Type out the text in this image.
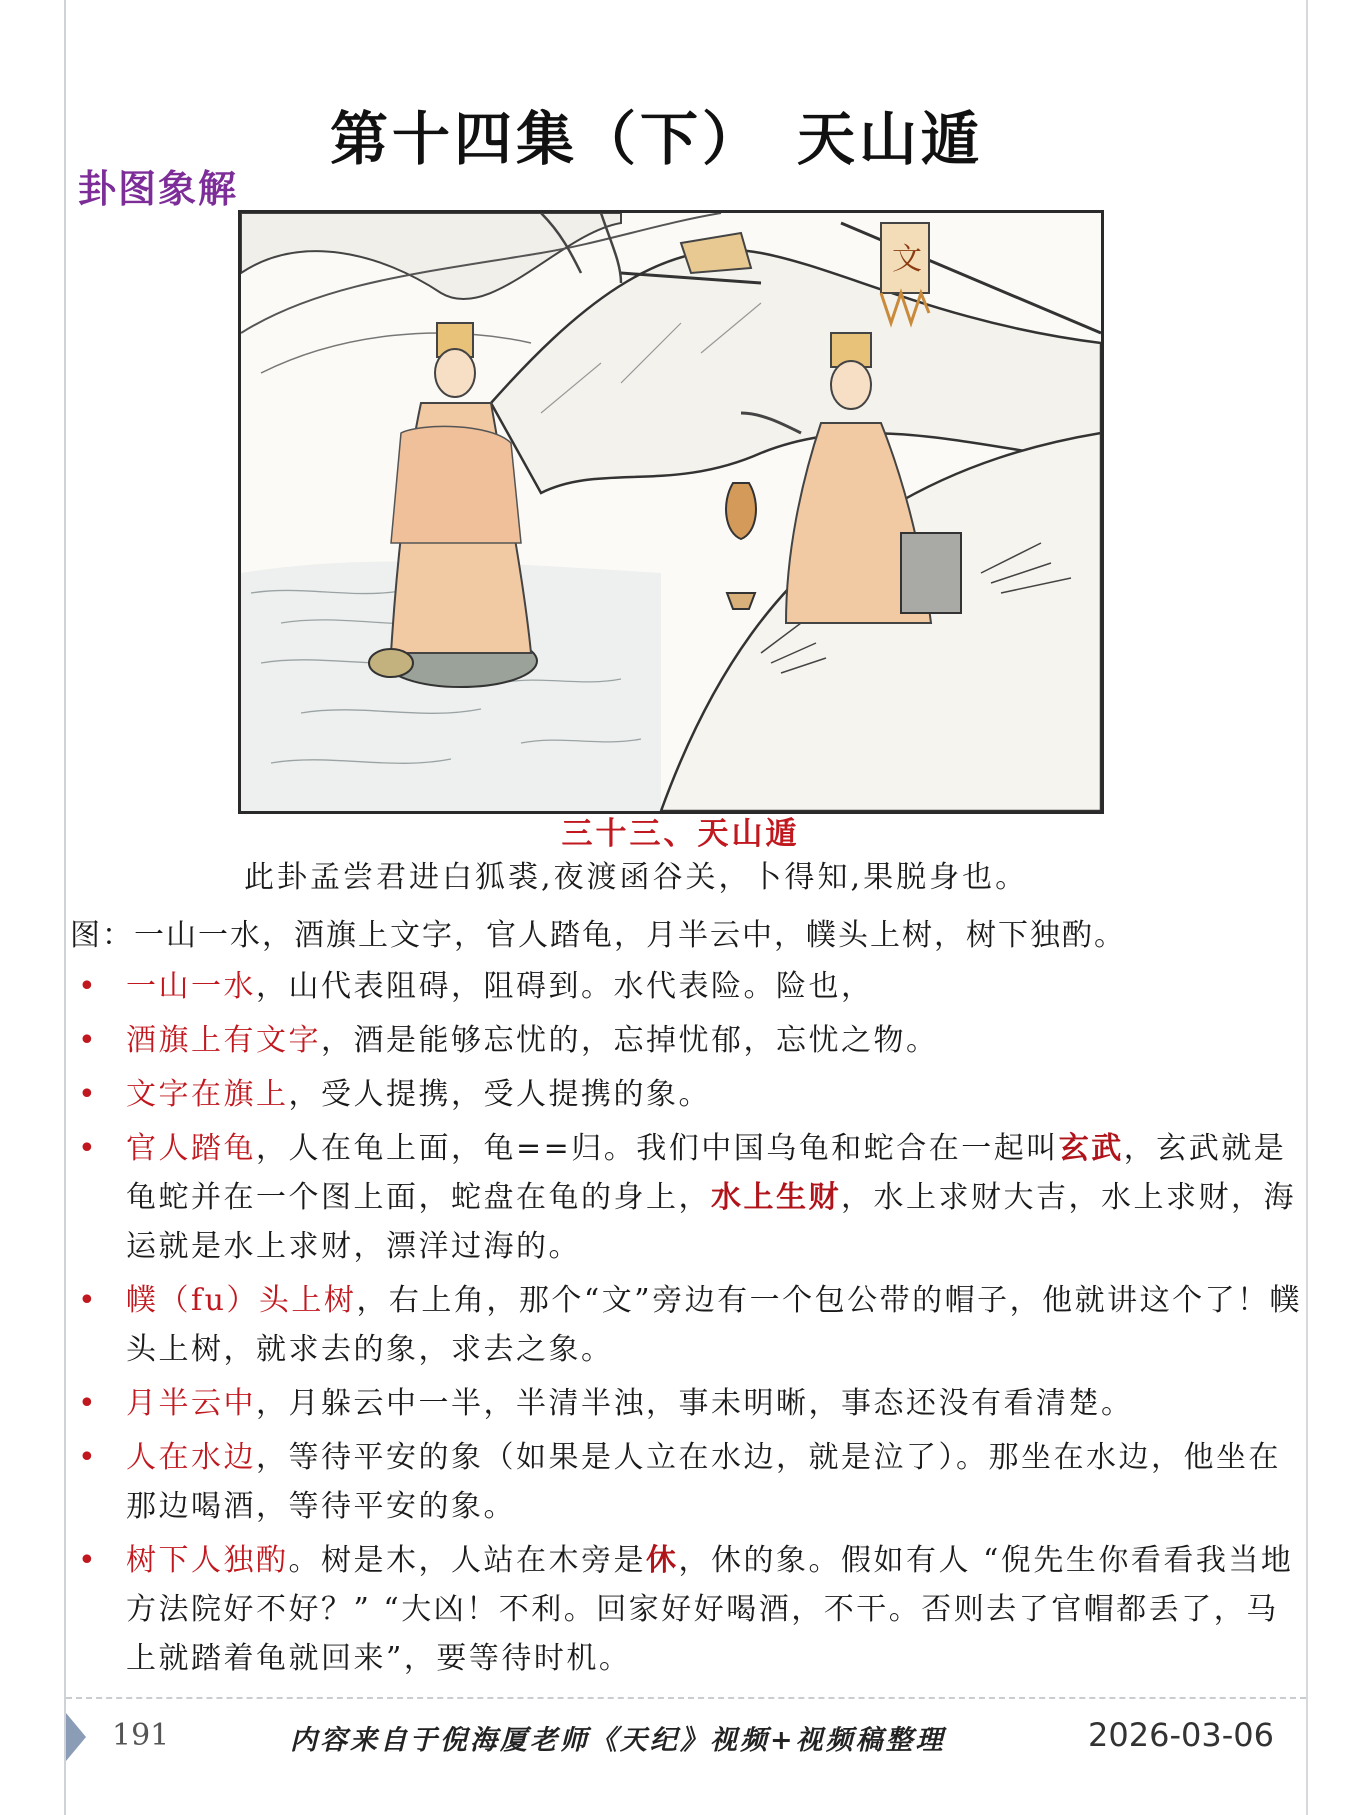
第十四集（下）　天山遁
卦图象解
文
三十三、天山遁
此卦孟尝君进白狐裘,夜渡函谷关，卜得知,果脱身也。
图：一山一水，酒旗上文字，官人踏龟，月半云中，幞头上树，树下独酌。
• 一山一水，山代表阻碍，阻碍到。水代表险。险也，
• 酒旗上有文字，酒是能够忘忧的，忘掉忧郁，忘忧之物。
• 文字在旗上，受人提携，受人提携的象。
• 官人踏龟，人在龟上面，龟==归。我们中国乌龟和蛇合在一起叫玄武，玄武就是龟蛇并在一个图上面，蛇盘在龟的身上，水上生财，水上求财大吉，水上求财，海运就是水上求财，漂洋过海的。
• 幞（fu）头上树，右上角，那个“文”旁边有一个包公带的帽子，他就讲这个了！幞头上树，就求去的象，求去之象。
• 月半云中，月躲云中一半，半清半浊，事未明晰，事态还没有看清楚。
• 人在水边，等待平安的象（如果是人立在水边，就是泣了）。那坐在水边，他坐在那边喝酒，等待平安的象。
• 树下人独酌。树是木，人站在木旁是休，休的象。假如有人 “倪先生你看看我当地方法院好不好？” “大凶！不利。回家好好喝酒，不干。否则去了官帽都丢了，马上就踏着龟就回来”，要等待时机。
191	内容来自于倪海厦老师《天纪》视频+视频稿整理	2026-03-06
